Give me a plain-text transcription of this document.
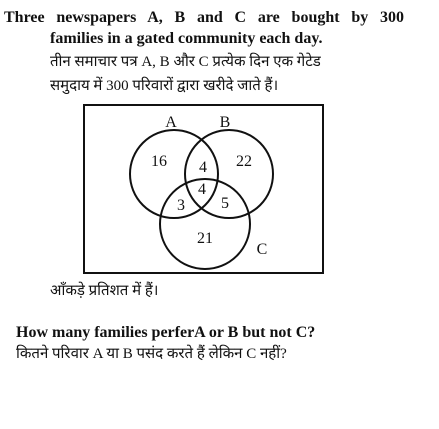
Three newspapers A, B and C are bought by 300
families in a gated community each day.
तीन समाचार पत्र A, B और C प्रत्येक दिन एक गेटेड
समुदाय में 300 परिवारों द्वारा खरीदे जाते हैं।
A	B
C
16	22
21
4
3 5
4
आँकड़े प्रतिशत में हैं।
How many families perferA or B but not C?
कितने परिवार A या B पसंद करते हैं लेकिन C नहीं?
